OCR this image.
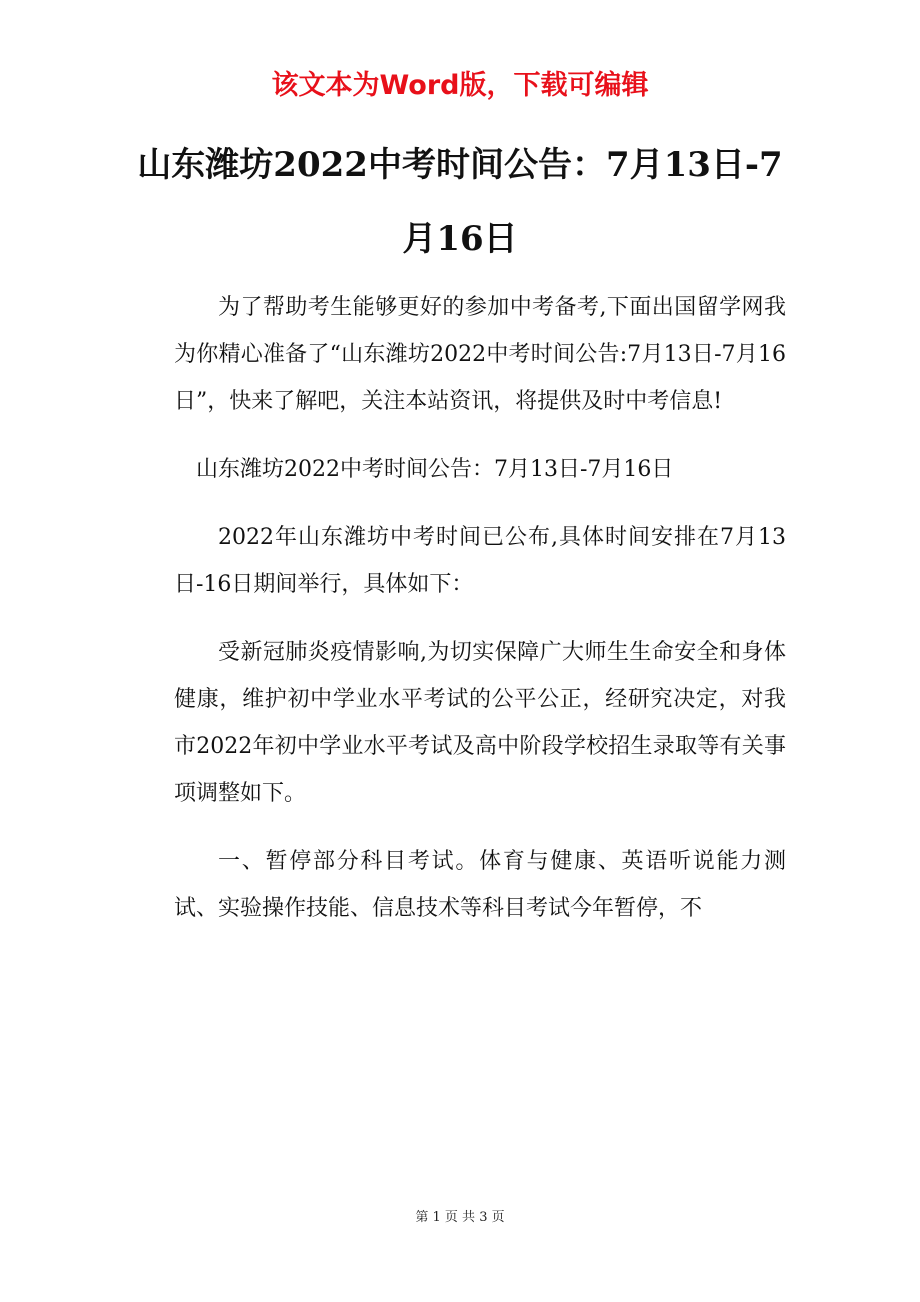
该文本为Word版，下载可编辑
山东潍坊2022中考时间公告：7月13日-7月16日

为了帮助考生能够更好的参加中考备考,下面出国留学网我为你精心准备了“山东潍坊2022中考时间公告:7月13日-7月16日”，快来了解吧，关注本站资讯，将提供及时中考信息!

山东潍坊2022中考时间公告：7月13日-7月16日

2022年山东潍坊中考时间已公布,具体时间安排在7月13日-16日期间举行，具体如下：

受新冠肺炎疫情影响,为切实保障广大师生生命安全和身体健康，维护初中学业水平考试的公平公正，经研究决定，对我市2022年初中学业水平考试及高中阶段学校招生录取等有关事项调整如下。

一、暂停部分科目考试。体育与健康、英语听说能力测试、实验操作技能、信息技术等科目考试今年暂停，不

第 1 页 共 3 页
